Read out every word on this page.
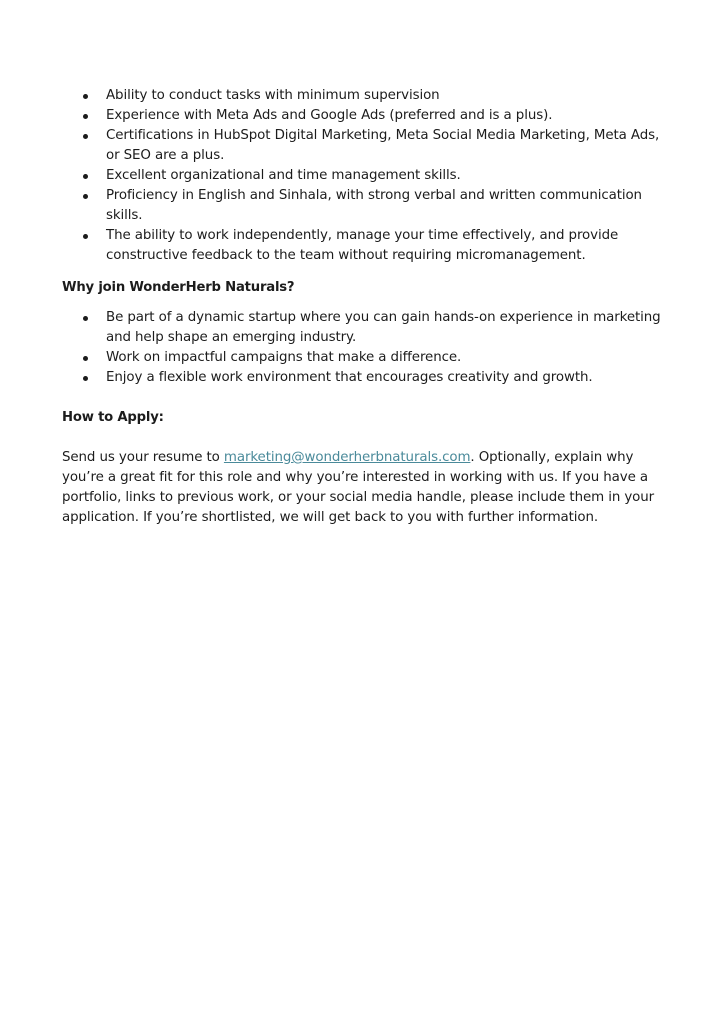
Ability to conduct tasks with minimum supervision
Experience with Meta Ads and Google Ads (preferred and is a plus).
Certifications in HubSpot Digital Marketing, Meta Social Media Marketing, Meta Ads, or SEO are a plus.
Excellent organizational and time management skills.
Proficiency in English and Sinhala, with strong verbal and written communication skills.
The ability to work independently, manage your time effectively, and provide constructive feedback to the team without requiring micromanagement.

Why join WonderHerb Naturals?

Be part of a dynamic startup where you can gain hands-on experience in marketing and help shape an emerging industry.
Work on impactful campaigns that make a difference.
Enjoy a flexible work environment that encourages creativity and growth.

How to Apply:

Send us your resume to marketing@wonderherbnaturals.com. Optionally, explain why you’re a great fit for this role and why you’re interested in working with us. If you have a portfolio, links to previous work, or your social media handle, please include them in your application. If you’re shortlisted, we will get back to you with further information.
